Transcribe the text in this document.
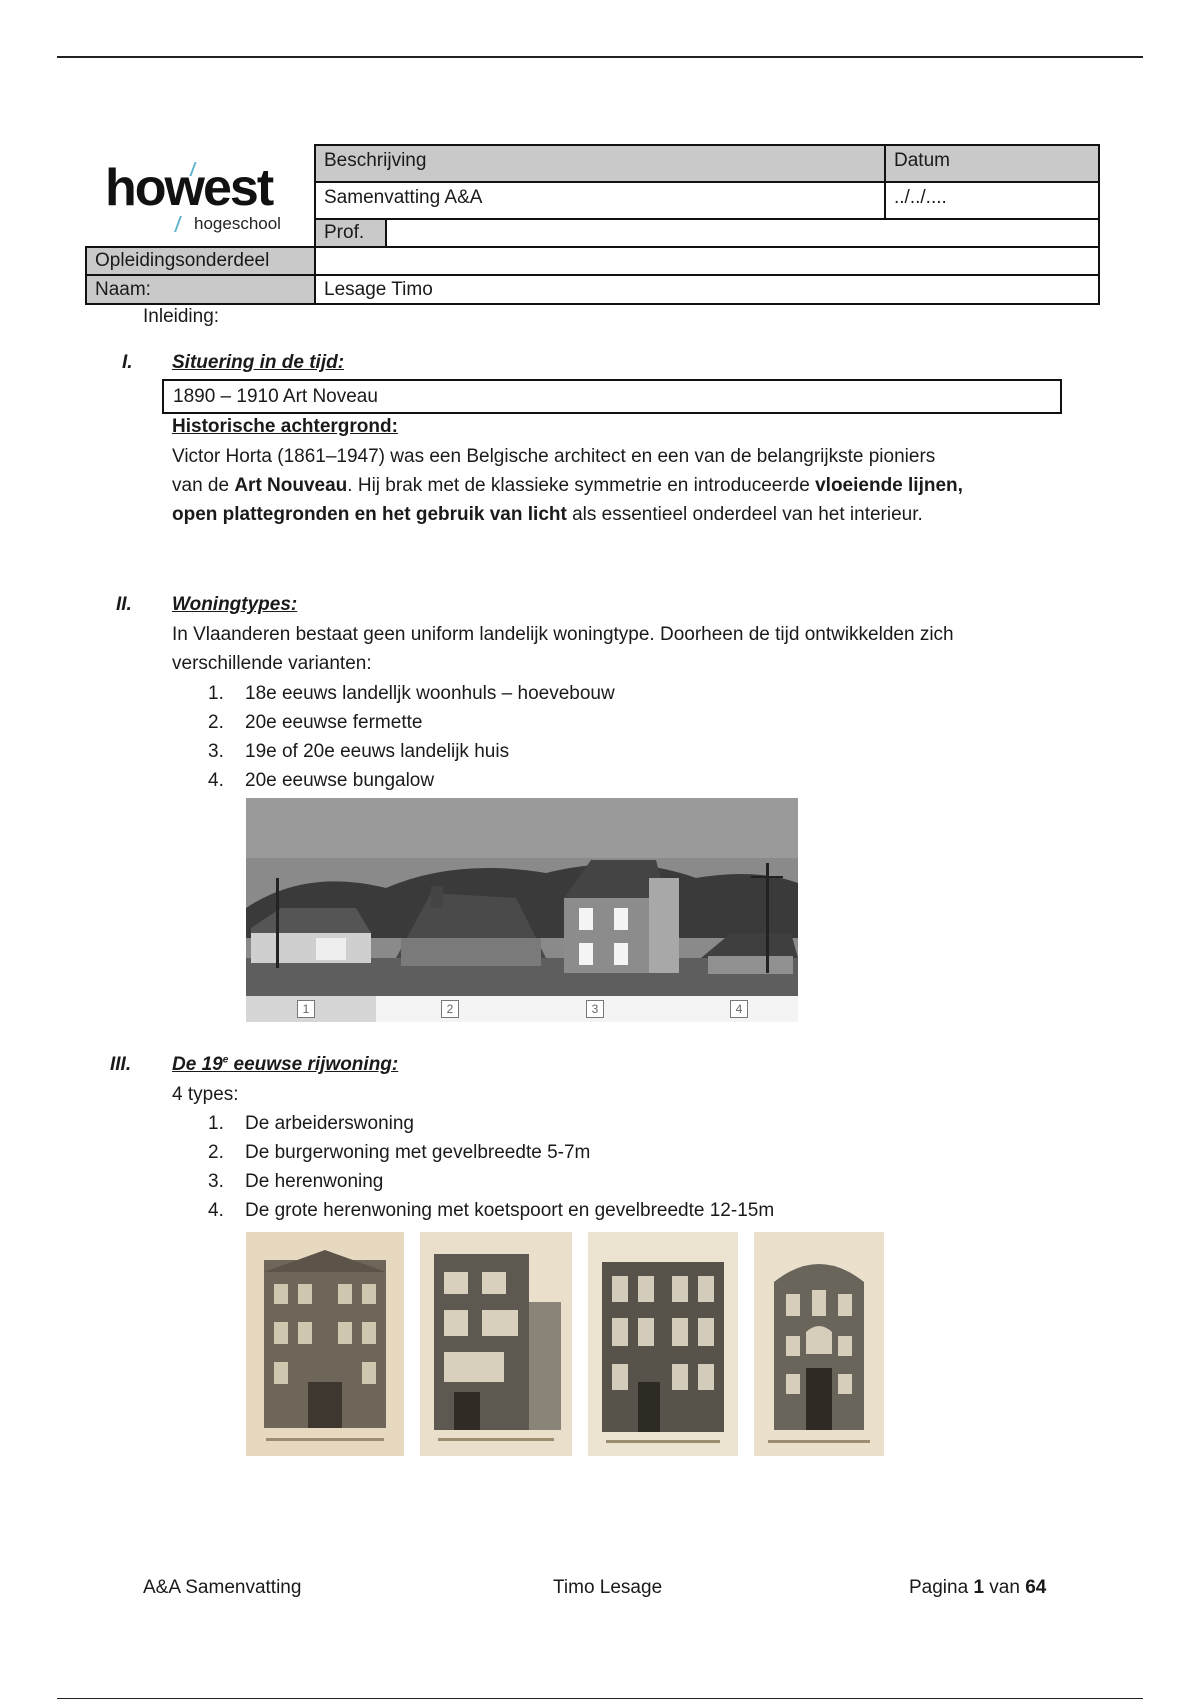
howest
hogeschool
Beschrijving	Datum
Samenvatting A&A	../../....
Prof.
Opleidingsonderdeel
Naam:	Lesage Timo
Inleiding:
I. Situering in de tijd:
1890 – 1910 Art Noveau
Historische achtergrond:
Victor Horta (1861–1947) was een Belgische architect en een van de belangrijkste pioniers
van de Art Nouveau. Hij brak met de klassieke symmetrie en introduceerde vloeiende lijnen,
open plattegronden en het gebruik van licht als essentieel onderdeel van het interieur.
II. Woningtypes:
In Vlaanderen bestaat geen uniform landelijk woningtype. Doorheen de tijd ontwikkelden zich
verschillende varianten:
1.	18e eeuws landelljk woonhuls – hoevebouw
2.	20e eeuwse fermette
3.	19e of 20e eeuws landelijk huis
4.	20e eeuwse bungalow
1	2	3	4
III. De 19e eeuwse rijwoning:
4 types:
1.	De arbeiderswoning
2.	De burgerwoning met gevelbreedte 5-7m
3.	De herenwoning
4.	De grote herenwoning met koetspoort en gevelbreedte 12-15m
A&A Samenvatting	Timo Lesage	Pagina 1 van 64
